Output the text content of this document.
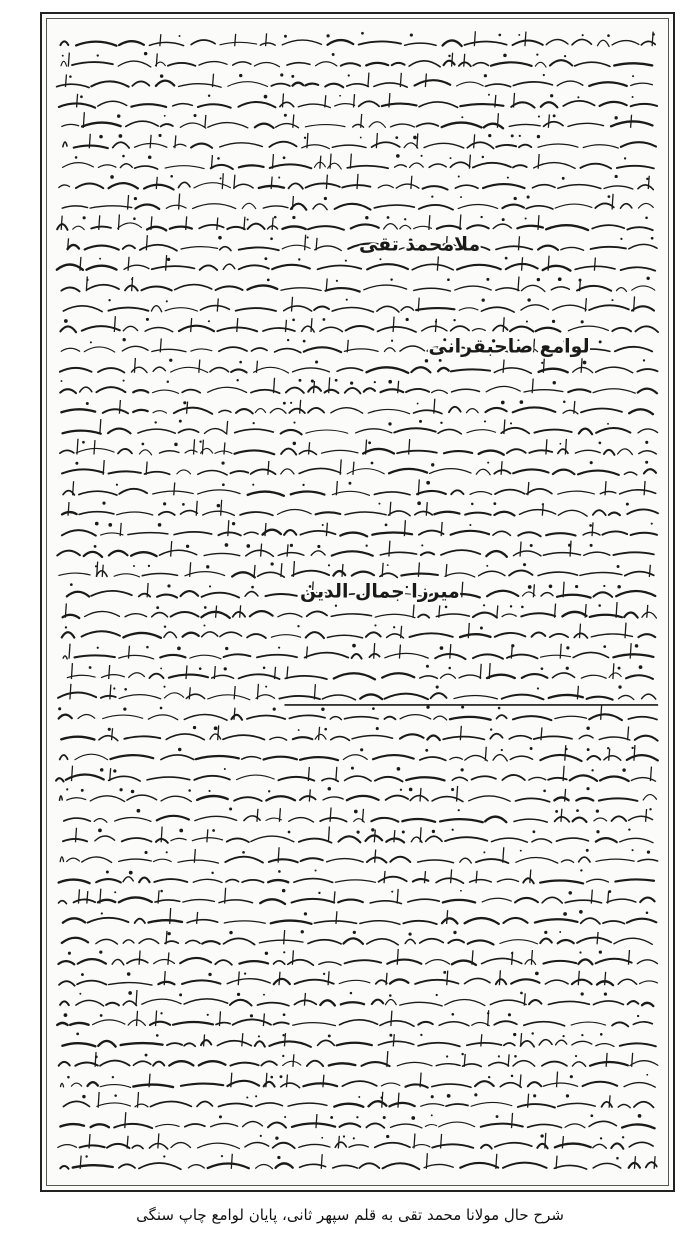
ملامحمد تقی
لوامع صاحبقرانی
میرزا جمال الدین
شرح حال مولانا محمد تقی به قلم سپهر ثانی، پایان لوامع چاپ سنگی
